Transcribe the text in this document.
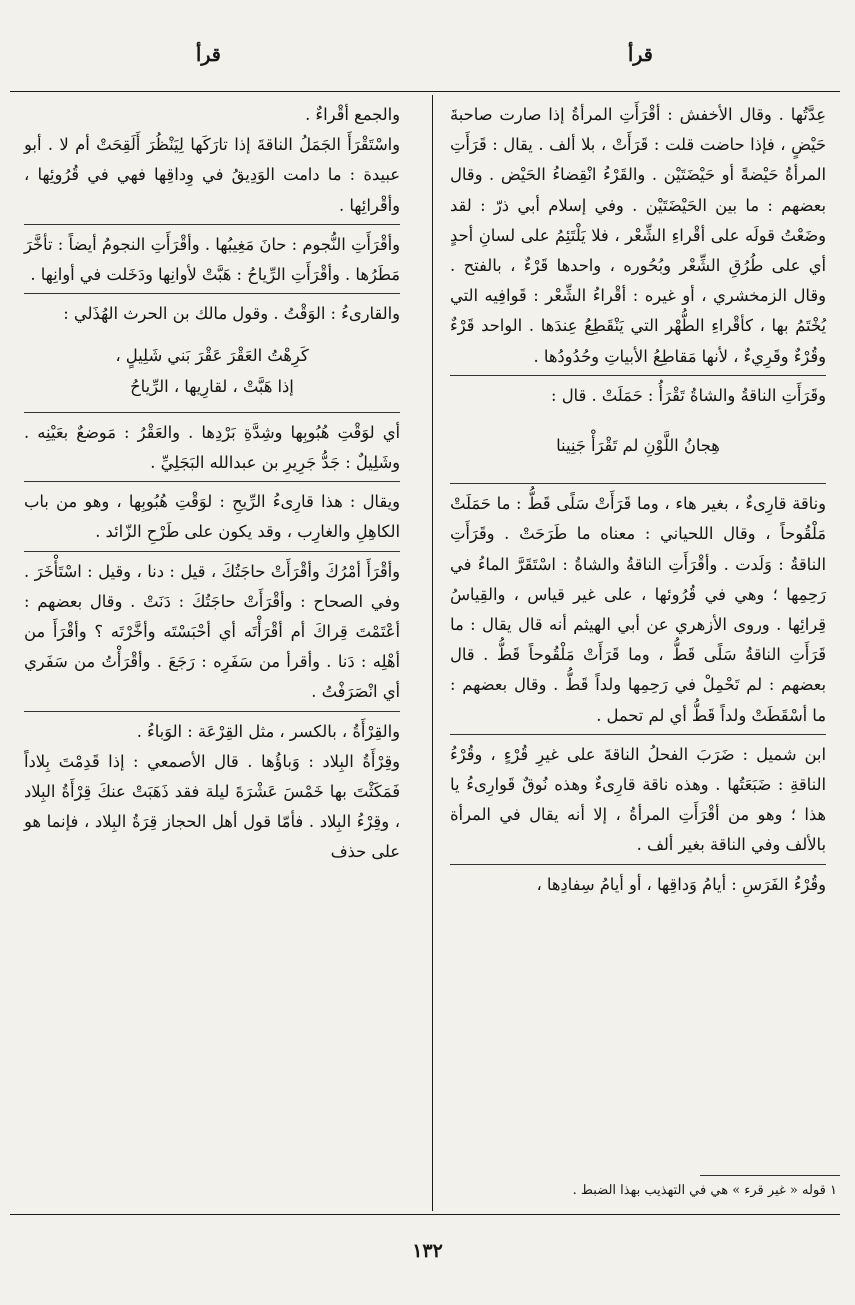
قرأ
قرأ

عِدَّتُها . وقال الأخفش : أقْرَأَتِ المرأةُ إذا صارت صاحبةَ حَيْضٍ ، فإذا حاضت قلت : قَرَأَتْ ، بلا ألف . يقال : قَرَأَتِ المرأةُ حَيْضةً أو حَيْضَتَيْن . والقَرْءُ انْقِضاءُ الحَيْض . وقال بعضهم : ما بين الحَيْضَتَيْن . وفي إسلام أبي ذرّ : لقد وضَعْتُ قولَه على أقْراءِ الشِّعْر ، فلا يَلْتَئِمُ على لسانِ أحدٍ أي على طُرُقِ الشِّعْر وبُحُوره ، واحدها قَرْءٌ ، بالفتح . وقال الزمخشري ، أو غيره : أقْراءُ الشِّعْر : قَوافِيه التي يُخْتَمُ بها ، كأقْراءِ الطُّهْر التي يَنْقَطِعُ عِندَها . الواحد قَرْءٌ وقُرْءٌ وقَرِيءٌ ، لأنها مَقاطِعُ الأبياتِ وحُدُودُها .

وقَرَأَتِ الناقةُ والشاةُ تَقْرَأُ : حَمَلَتْ . قال :

هِجانُ اللَّوْنِ لم تَقْرَأْ جَنِينا

وناقة قارِىءٌ ، بغير هاء ، وما قَرَأَتْ سَلًى قَطُّ : ما حَمَلَتْ مَلْقُوحاً ، وقال اللحياني : معناه ما طَرَحَتْ . وقَرَأَتِ الناقةُ : وَلَدت . وأقْرَأَتِ الناقةُ والشاةُ : اسْتَقَرَّ الماءُ في رَحِمِها ؛ وهي في قُرُوئها ، على غير قياس ، والقِياسُ قِرائِها . وروى الأزهري عن أبي الهيثم أنه قال يقال : ما قَرَأَتِ الناقةُ سَلًى قَطُّ ، وما قَرَأَتْ مَلْقُوحاً قَطُّ . قال بعضهم : لم تَحْمِلْ في رَحِمِها ولداً قَطُّ . وقال بعضهم : ما أسْقَطَتْ ولداً قَطُّ أي لم تحمل .

ابن شميل : ضَرَبَ الفحلُ الناقةَ على غيرِ قُرْءٍ ، وقُرْءُ الناقةِ : ضَبَعَتُها . وهذه ناقة قارِىءٌ وهذه نُوقٌ قَوارِىءُ يا هذا ؛ وهو من أقْرَأَتِ المرأةُ ، إلا أنه يقال في المرأة بالألف وفي الناقة بغير ألف .

وقُرْءُ الفَرَسِ : أيامُ وَداقِها ، أو أيامُ سِفادِها ،

والجمع أقْراءٌ .

واسْتَقْرَأَ الجَمَلُ الناقةَ إذا تارَكَها لِيَنْظُرَ أَلَقِحَتْ أم لا . أبو عبيدة : ما دامت الوَدِيقُ في وِداقِها فهي في قُرُوئِها ، وأقْرائِها .

وأقْرَأَتِ النُّجوم : حانَ مَغِيبُها . وأقْرَأَتِ النجومُ أيضاً : تأخَّرَ مَطَرُها . وأقْرَأَتِ الرِّياحُ : هَبَّتْ لأوانِها ودَخَلت في أوانِها .

والقارىءُ : الوَقْتُ . وقول مالك بن الحرث الهُذَلي :

كَرِهْتُ العَقْرَ عَقْرَ بَني شَلِيلٍ ،

إذا هَبَّتْ ، لقارِيها ، الرِّياحُ

أي لوَقْتِ هُبُوبِها وشِدَّةِ بَرْدِها . والعَقْرُ : مَوضعٌ بعَيْنِه . وشَلِيلٌ : جَدُّ جَرِيرِ بن عبدالله البَجَلِيِّ .

ويقال : هذا قارِىءُ الرِّيحِ : لوَقْتِ هُبُوبِها ، وهو من باب الكاهِلِ والغارِب ، وقد يكون على طَرْحِ الزّائد .

وأقْرَأَ أمْرُكَ وأقْرَأَتْ حاجَتُكَ ، قيل : دنا ، وقيل : اسْتَأْخَرَ . وفي الصحاح : وأقْرَأَتْ حاجَتُكَ : دَنَتْ . وقال بعضهم : أعْتَمْتَ قِراكَ أم أقْرَأْتَه أي أحْبَسْتَه وأخَّرْتَه ؟ وأقْرَأَ من أهْلِه : دَنا . وأقرأ من سَفَرِه : رَجَعَ . وأقْرَأْتُ من سَفَري أي انْصَرَفْتُ .

والقِرْأَةُ ، بالكسر ، مثل القِرْعَة : الوَباءُ .

وقِرْأَةُ البِلاد : وَباؤُها . قال الأصمعي : إذا قَدِمْتَ بِلاداً فَمَكَثْتَ بها خَمْسَ عَشْرَةَ ليلة فقد ذَهَبَتْ عنكَ قِرْأَةُ البِلاد ، وقِرْءُ البِلاد . فأمّا قول أهل الحجاز قِرَةُ البِلاد ، فإنما هو على حذف

١ قوله « غير قرء » هي في التهذيب بهذا الضبط .
١٣٢
